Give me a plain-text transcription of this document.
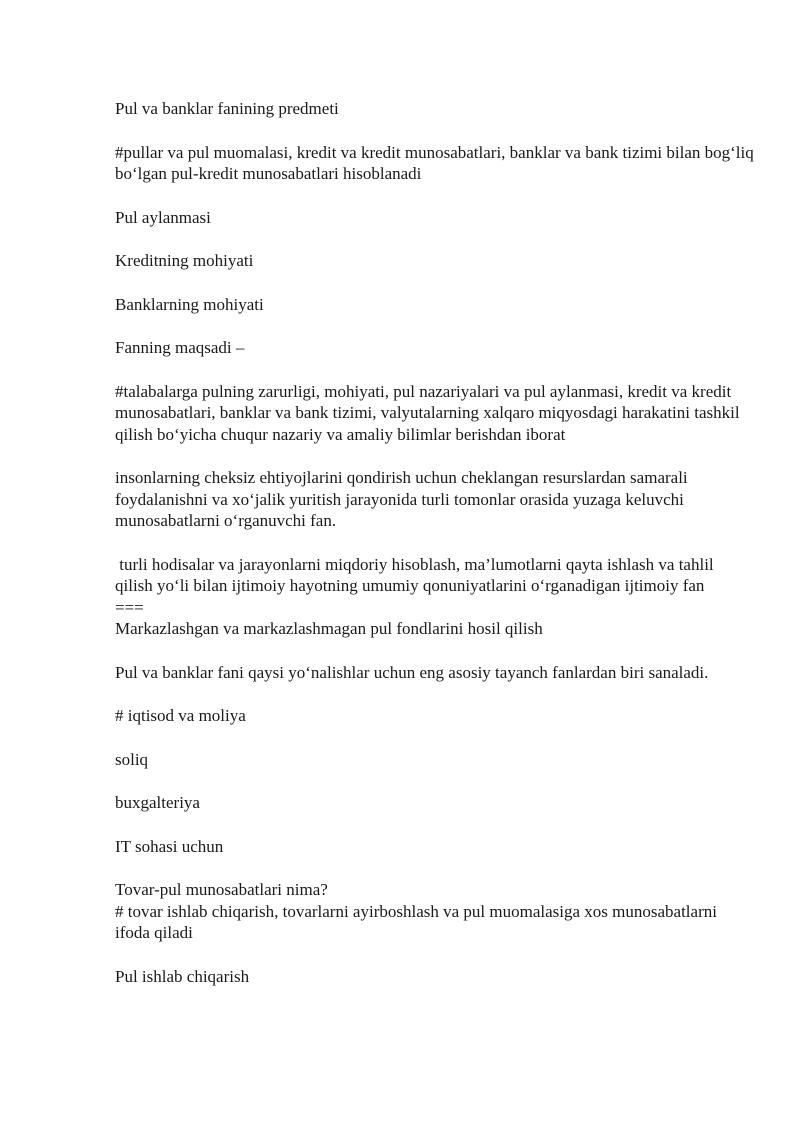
Pul va banklar fanining predmeti

#pullar va pul muomalasi, kredit va kredit munosabatlari, banklar va bank tizimi bilan bog‘liq bo‘lgan pul-kredit munosabatlari hisoblanadi

Pul aylanmasi

Kreditning mohiyati

Banklarning mohiyati

Fanning maqsadi –

#talabalarga pulning zarurligi, mohiyati, pul nazariyalari va pul aylanmasi, kredit va kredit munosabatlari, banklar va bank tizimi, valyutalarning xalqaro miqyosdagi harakatini tashkil qilish bo‘yicha chuqur nazariy va amaliy bilimlar berishdan iborat

insonlarning cheksiz ehtiyojlarini qondirish uchun cheklangan resurslardan samarali foydalanishni va xo‘jalik yuritish jarayonida turli tomonlar orasida yuzaga keluvchi munosabatlarni o‘rganuvchi fan.

turli hodisalar va jarayonlarni miqdoriy hisoblash, ma’lumotlarni qayta ishlash va tahlil qilish yo‘li bilan ijtimoiy hayotning umumiy qonuniyatlarini o‘rganadigan ijtimoiy fan

===

Markazlashgan va markazlashmagan pul fondlarini hosil qilish

Pul va banklar fani qaysi yo‘nalishlar uchun eng asosiy tayanch fanlardan biri sanaladi.

# iqtisod va moliya

soliq

buxgalteriya

IT sohasi uchun

Tovar-pul munosabatlari nima?

# tovar ishlab chiqarish, tovarlarni ayirboshlash va pul muomalasiga xos munosabatlarni ifoda qiladi

Pul ishlab chiqarish
